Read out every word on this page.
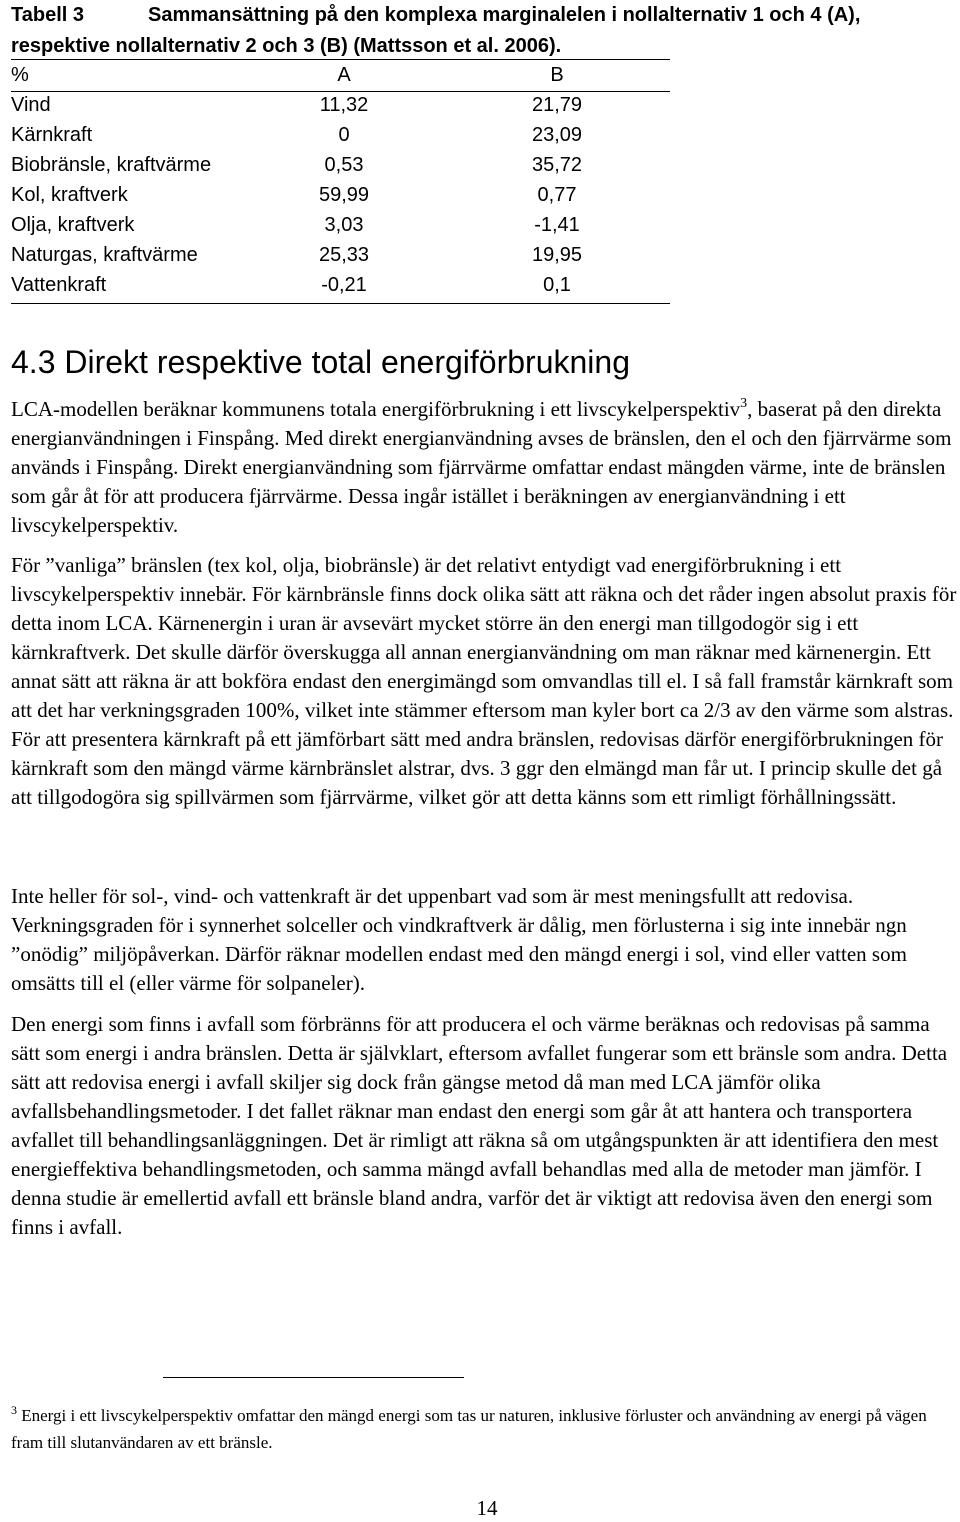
Tabell 3	Sammansättning på den komplexa marginalelen i nollalternativ 1 och 4 (A),
respektive nollalternativ 2 och 3 (B) (Mattsson et al. 2006).
%	A	B
Vind	11,32	21,79
Kärnkraft	0	23,09
Biobränsle, kraftvärme	0,53	35,72
Kol, kraftverk	59,99	0,77
Olja, kraftverk	3,03	-1,41
Naturgas, kraftvärme	25,33	19,95
Vattenkraft	-0,21	0,1
4.3 Direkt respektive total energiförbrukning

LCA-modellen beräknar kommunens totala energiförbrukning i ett livscykelperspektiv$^3$, baserat på den direkta energianvändningen i Finspång. Med direkt energianvändning avses de bränslen, den el och den fjärrvärme som används i Finspång. Direkt energianvändning som fjärrvärme omfattar endast mängden värme, inte de bränslen som går åt för att producera fjärrvärme. Dessa ingår istället i beräkningen av energianvändning i ett livscykelperspektiv.

För ”vanliga” bränslen (tex kol, olja, biobränsle) är det relativt entydigt vad energiförbrukning i ett livscykelperspektiv innebär. För kärnbränsle finns dock olika sätt att räkna och det råder ingen absolut praxis för detta inom LCA. Kärnenergin i uran är avsevärt mycket större än den energi man tillgodogör sig i ett kärnkraftverk. Det skulle därför överskugga all annan energianvändning om man räknar med kärnenergin. Ett annat sätt att räkna är att bokföra endast den energimängd som omvandlas till el. I så fall framstår kärnkraft som att det har verkningsgraden 100%, vilket inte stämmer eftersom man kyler bort ca 2/3 av den värme som alstras. För att presentera kärnkraft på ett jämförbart sätt med andra bränslen, redovisas därför energiförbrukningen för kärnkraft som den mängd värme kärnbränslet alstrar, dvs. 3 ggr den elmängd man får ut. I princip skulle det gå att tillgodogöra sig spillvärmen som fjärrvärme, vilket gör att detta känns som ett rimligt förhållningssätt.

Inte heller för sol-, vind- och vattenkraft är det uppenbart vad som är mest meningsfullt att redovisa. Verkningsgraden för i synnerhet solceller och vindkraftverk är dålig, men förlusterna i sig inte innebär ngn ”onödig” miljöpåverkan. Därför räknar modellen endast med den mängd energi i sol, vind eller vatten som omsätts till el (eller värme för solpaneler).

Den energi som finns i avfall som förbränns för att producera el och värme beräknas och redovisas på samma sätt som energi i andra bränslen. Detta är självklart, eftersom avfallet fungerar som ett bränsle som andra. Detta sätt att redovisa energi i avfall skiljer sig dock från gängse metod då man med LCA jämför olika avfallsbehandlingsmetoder. I det fallet räknar man endast den energi som går åt att hantera och transportera avfallet till behandlingsanläggningen. Det är rimligt att räkna så om utgångspunkten är att identifiera den mest energieffektiva behandlingsmetoden, och samma mängd avfall behandlas med alla de metoder man jämför. I denna studie är emellertid avfall ett bränsle bland andra, varför det är viktigt att redovisa även den energi som finns i avfall.

$^3$ Energi i ett livscykelperspektiv omfattar den mängd energi som tas ur naturen, inklusive förluster och användning av energi på vägen fram till slutanvändaren av ett bränsle.
14
